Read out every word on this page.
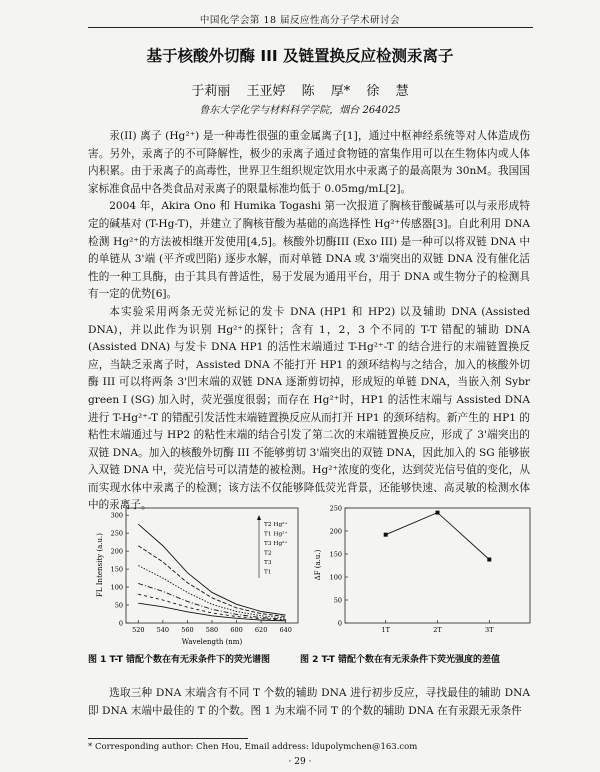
中国化学会第 18 届反应性高分子学术研讨会
基于核酸外切酶 III 及链置换反应检测汞离子
于莉丽 王亚婷 陈 厚* 徐 慧
鲁东大学化学与材料科学学院，烟台 264025

汞(II) 离子 (Hg²⁺) 是一种毒性很强的重金属离子[1]，通过中枢神经系统等对人体造成伤害。另外，汞离子的不可降解性，极少的汞离子通过食物链的富集作用可以在生物体内或人体内积累。由于汞离子的高毒性，世界卫生组织规定饮用水中汞离子的最高限为 30nM。我国国家标准食品中各类食品对汞离子的限量标准均低于 0.05mg/mL[2]。

2004 年，Akira Ono 和 Humika Togashi 第一次报道了胸核苷酸碱基可以与汞形成特定的碱基对 (T-Hg-T)，并建立了胸核苷酸为基础的高选择性 Hg²⁺传感器[3]。自此利用 DNA 检测 Hg²⁺的方法被相继开发使用[4,5]。核酸外切酶III (Exo III) 是一种可以将双链 DNA 中的单链从 3'端 (平齐或凹陷) 逐步水解，而对单链 DNA 或 3'端突出的双链 DNA 没有催化活性的一种工具酶，由于其具有普适性，易于发展为通用平台，用于 DNA 或生物分子的检测具有一定的优势[6]。

本实验采用两条无荧光标记的发卡 DNA (HP1 和 HP2) 以及辅助 DNA (Assisted DNA)，并以此作为识别 Hg²⁺的探针；含有 1，2，3 个不同的 T-T 错配的辅助 DNA (Assisted DNA) 与发卡 DNA HP1 的活性末端通过 T-Hg²⁺-T 的结合进行的末端链置换反应，当缺乏汞离子时，Assisted DNA 不能打开 HP1 的颈环结构与之结合，加入的核酸外切酶 III 可以将两条 3'凹末端的双链 DNA 逐渐剪切掉，形成短的单链 DNA，当嵌入剂 Sybr green I (SG) 加入时，荧光强度很弱；而存在 Hg²⁺时，HP1 的活性末端与 Assisted DNA 进行 T-Hg²⁺-T 的错配引发活性末端链置换反应从而打开 HP1 的颈环结构。新产生的 HP1 的粘性末端通过与 HP2 的粘性末端的结合引发了第二次的末端链置换反应，形成了 3'端突出的双链 DNA。加入的核酸外切酶 III 不能够剪切 3'端突出的双链 DNA，因此加入的 SG 能够嵌入双链 DNA 中，荧光信号可以清楚的被检测。Hg²⁺浓度的变化，达到荧光信号值的变化，从而实现水体中汞离子的检测；该方法不仅能够降低荧光背景，还能够快速、高灵敏的检测水体中的汞离子。

FL Intensity (a.u.)
Wavelength (nm)
0
50
100
150
200
250
300
520 540 560 580 600 620 640
T2 Hg²⁺
T1 Hg²⁺
T3 Hg²⁺
T2
T3
T1	ΔF (a.u.)
0
50
100
150
200
250
1T	2T	3T
图 1 T-T 错配个数在有无汞条件下的荧光谱图	图 2 T-T 错配个数在有无汞条件下荧光强度的差值

选取三种 DNA 末端含有不同 T 个数的辅助 DNA 进行初步反应，寻找最佳的辅助 DNA 即 DNA 末端中最佳的 T 的个数。图 1 为末端不同 T 的个数的辅助 DNA 在有汞跟无汞条件

* Corresponding author: Chen Hou, Email address: ldupolymchen@163.com
· 29 ·
